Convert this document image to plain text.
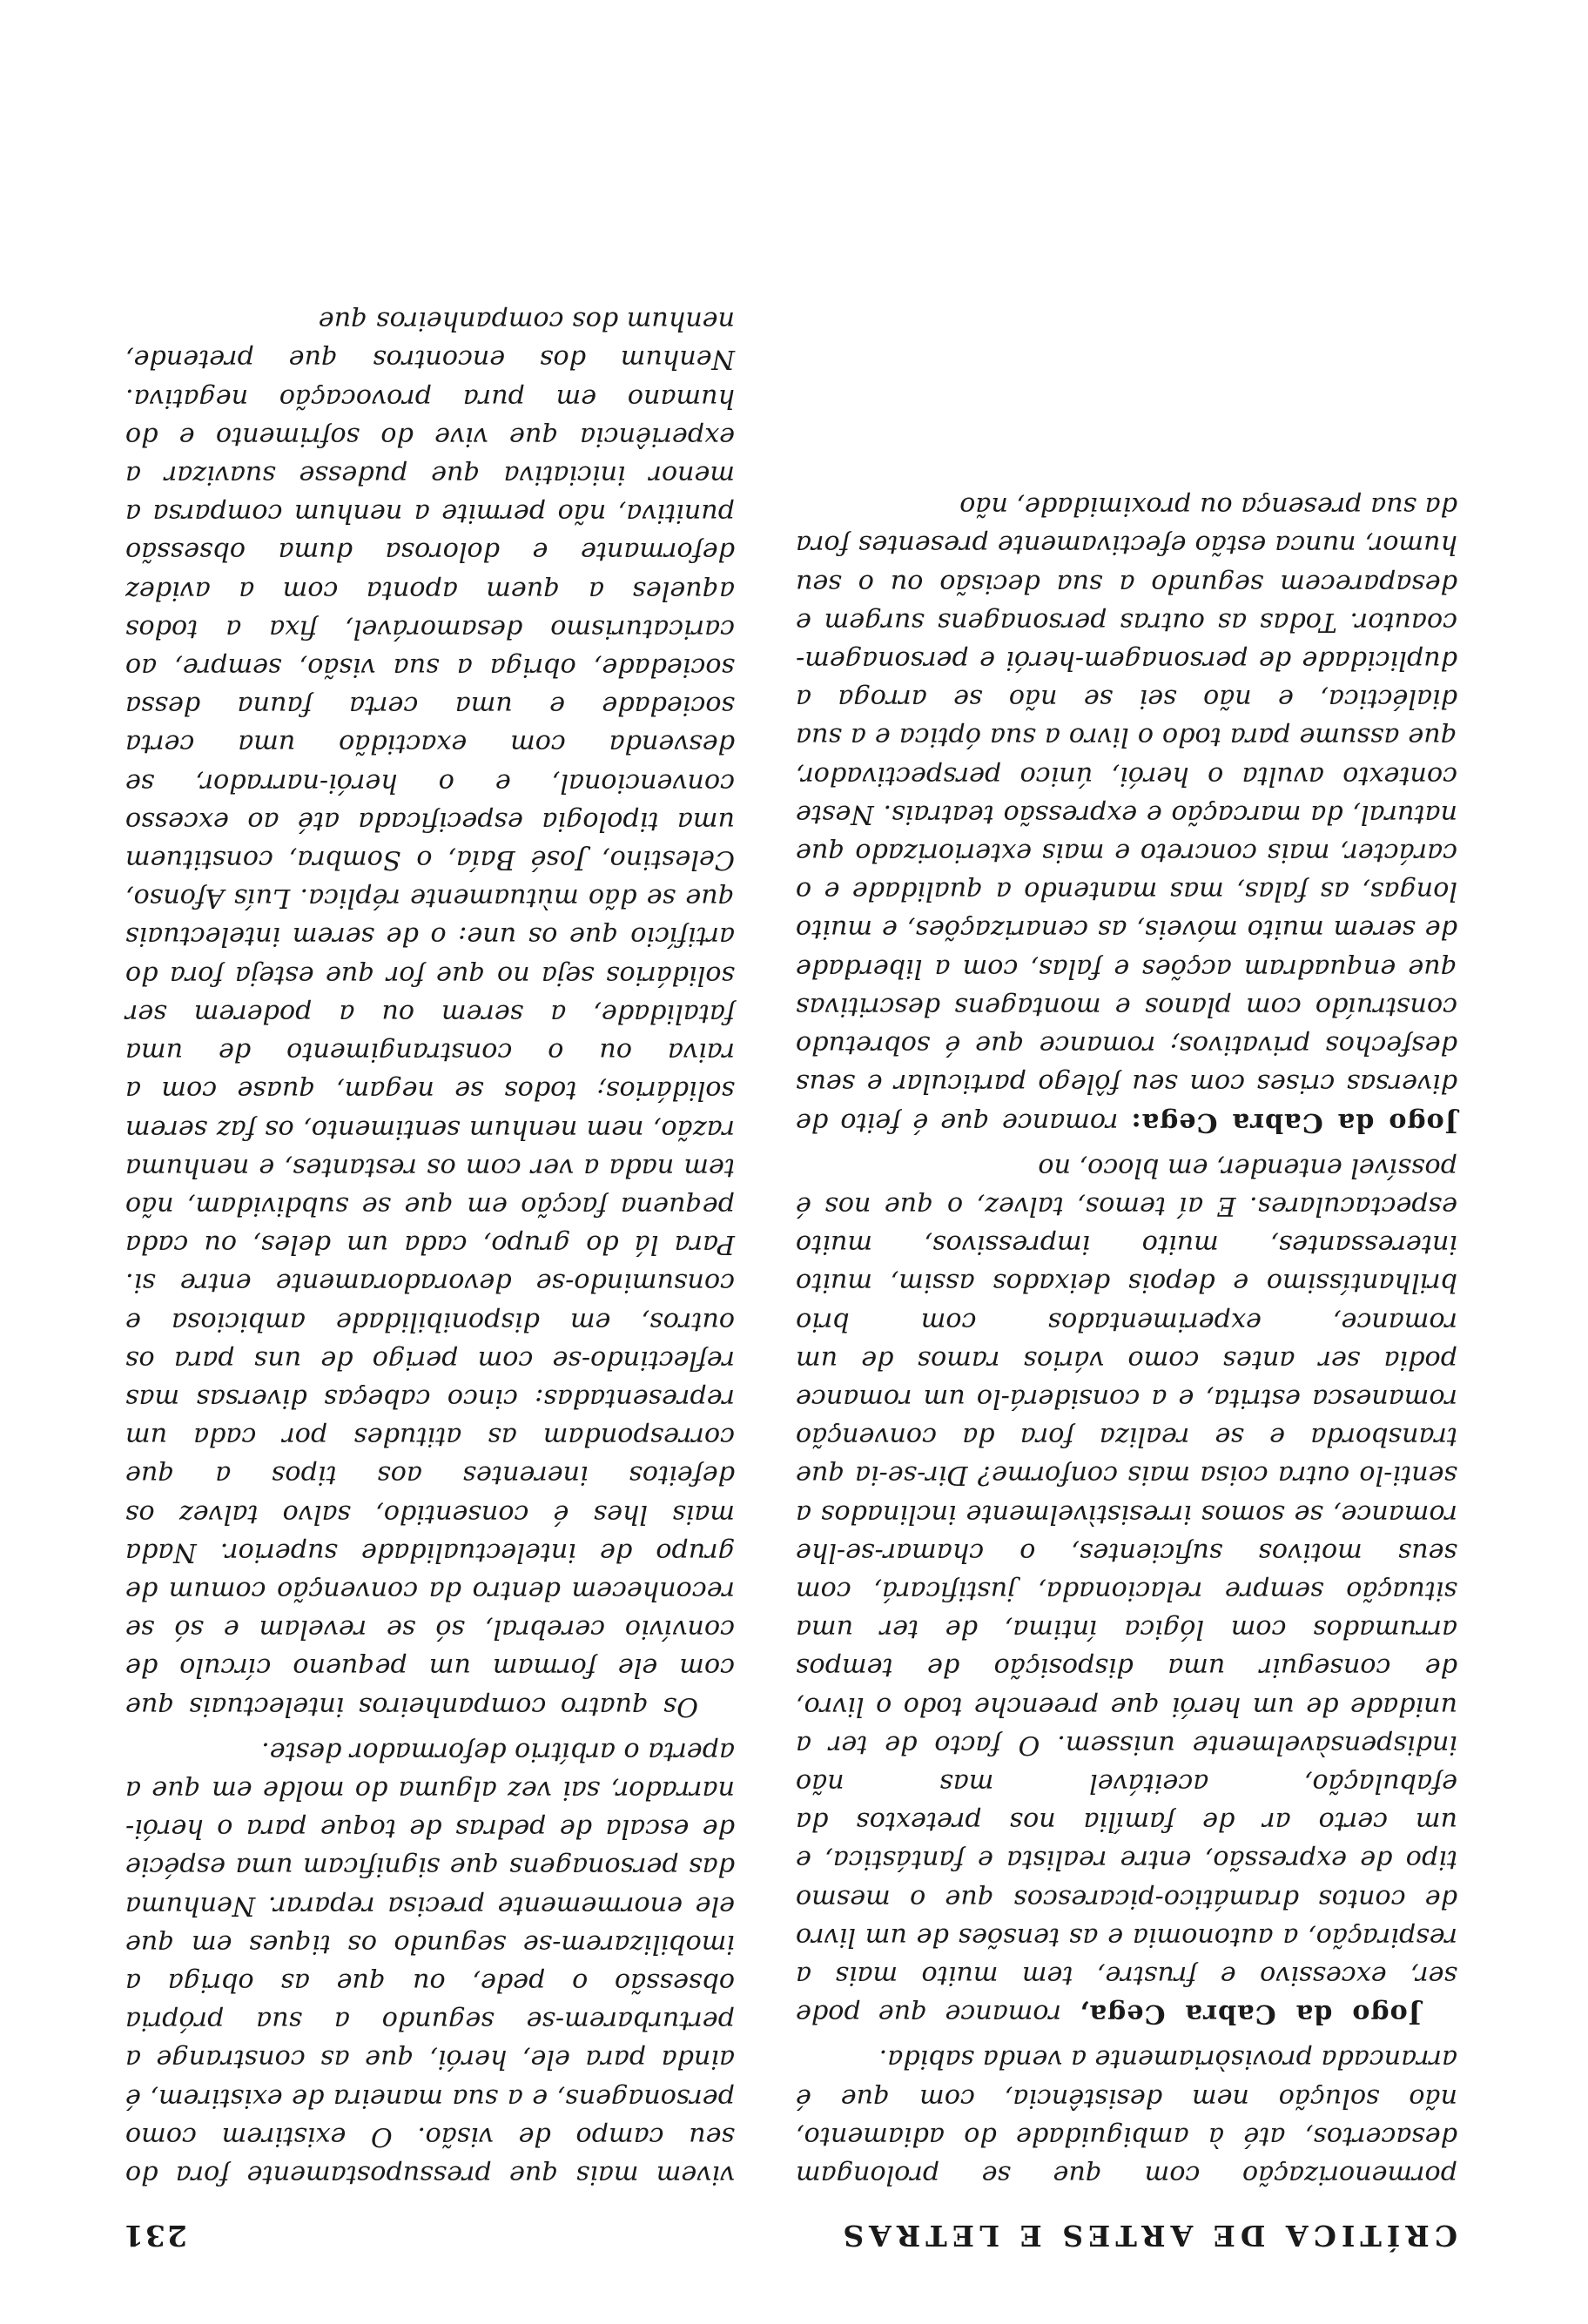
CRÍTICA DE ARTES E LETRAS
231

pormenorização com que se prolongam desacertos, até à ambiguidade do adiamento, não solução nem desistência, com que é arrancada provisòriamente a venda sabida.

Jogo da Cabra Cega, romance que pode ser, excessivo e frustre, tem muito mais a respiração, a autonomia e as tensões de um livro de contos dramático-picarescos que o mesmo tipo de expressão, entre realista e fantástica, e um certo ar de família nos pretextos da efabulação, aceitável mas não indispensàvelmente unissem. O facto de ter a unidade de um herói que preenche todo o livro, de conseguir uma disposição de tempos arrumados com lógica íntima, de ter uma situação sempre relacionada, justificará, com seus motivos suficientes, o chamar-se-lhe romance, se somos irresistìvelmente inclinados a senti-lo outra coisa mais conforme? Dir-se-ia que transborda e se realiza fora da convenção romanesca estrita, e a considerá-lo um romance podia ser antes como vários ramos de um romance, experimentados com brio brilhantíssimo e depois deixados assim, muito interessantes, muito impressivos, muito espectaculares. E aí temos, talvez, o que nos é possível entender, em bloco, no

Jogo da Cabra Cega: romance que é feito de diversas crises com seu fôlego particular e seus desfechos privativos; romance que é sobretudo construído com planos e montagens descritivas que enquadram acções e falas, com a liberdade de serem muito móveis, as cenarizações, e muito longas, as falas, mas mantendo a qualidade e o carácter, mais concreto e mais exteriorizado que natural, da marcação e expressão teatrais. Neste contexto avulta o herói, único perspectivador, que assume para todo o livro a sua óptica e a sua dialéctica, e não sei se não se arroga a duplicidade de personagem-herói e personagem-coautor. Todas as outras personagens surgem e desaparecem segundo a sua decisão ou o seu humor, nunca estão efectivamente presentes fora da sua presença ou proximidade, não

vivem mais que pressupostamente fora do seu campo de visão. O existirem como personagens, e a sua maneira de existirem, é ainda para ele, herói, que as constrange a perturbarem-se segundo a sua própria obsessão o pede, ou que as obriga a imobilizarem-se segundo os tiques em que ele enormemente precisa reparar. Nenhuma das personagens que significam uma espécie de escala de pedras de toque para o herói-narrador, sai vez alguma do molde em que a aperta o arbítrio deformador deste.

Os quatro companheiros intelectuais que com ele formam um pequeno círculo de convívio cerebral, só se revelam e só se reconhecem dentro da convenção comum de grupo de intelectualidade superior. Nada mais lhes é consentido, salvo talvez os defeitos inerentes aos tipos a que correspondam as atitudes por cada um representadas: cinco cabeças diversas mas reflectindo-se com perigo de uns para os outros, em disponibilidade ambiciosa e consumindo-se devoradoramente entre si. Para lá do grupo, cada um deles, ou cada pequena facção em que se subdividam, não tem nada a ver com os restantes, e nenhuma razão, nem nenhum sentimento, os faz serem solidários; todos se negam, quase com a raiva ou o constrangimento de uma fatalidade, a serem ou a poderem ser solidários seja no que for que esteja fora do artifício que os une: o de serem intelectuais que se dão mùtuamente réplica. Luís Afonso, Celestino, José Baía, o Sombra, constituem uma tipologia especificada até ao excesso convencional, e o herói-narrador, se desvenda com exactidão uma certa sociedade e uma certa fauna dessa sociedade, obriga a sua visão, sempre, ao caricaturismo desamorável, fixa a todos aqueles a quem aponta com a avidez deformante e dolorosa duma obsessão punitiva, não permite a nenhum comparsa a menor iniciativa que pudesse suavizar a experiência que vive do sofrimento e do humano em pura provocação negativa. Nenhum dos encontros que pretende, nenhum dos companheiros que
